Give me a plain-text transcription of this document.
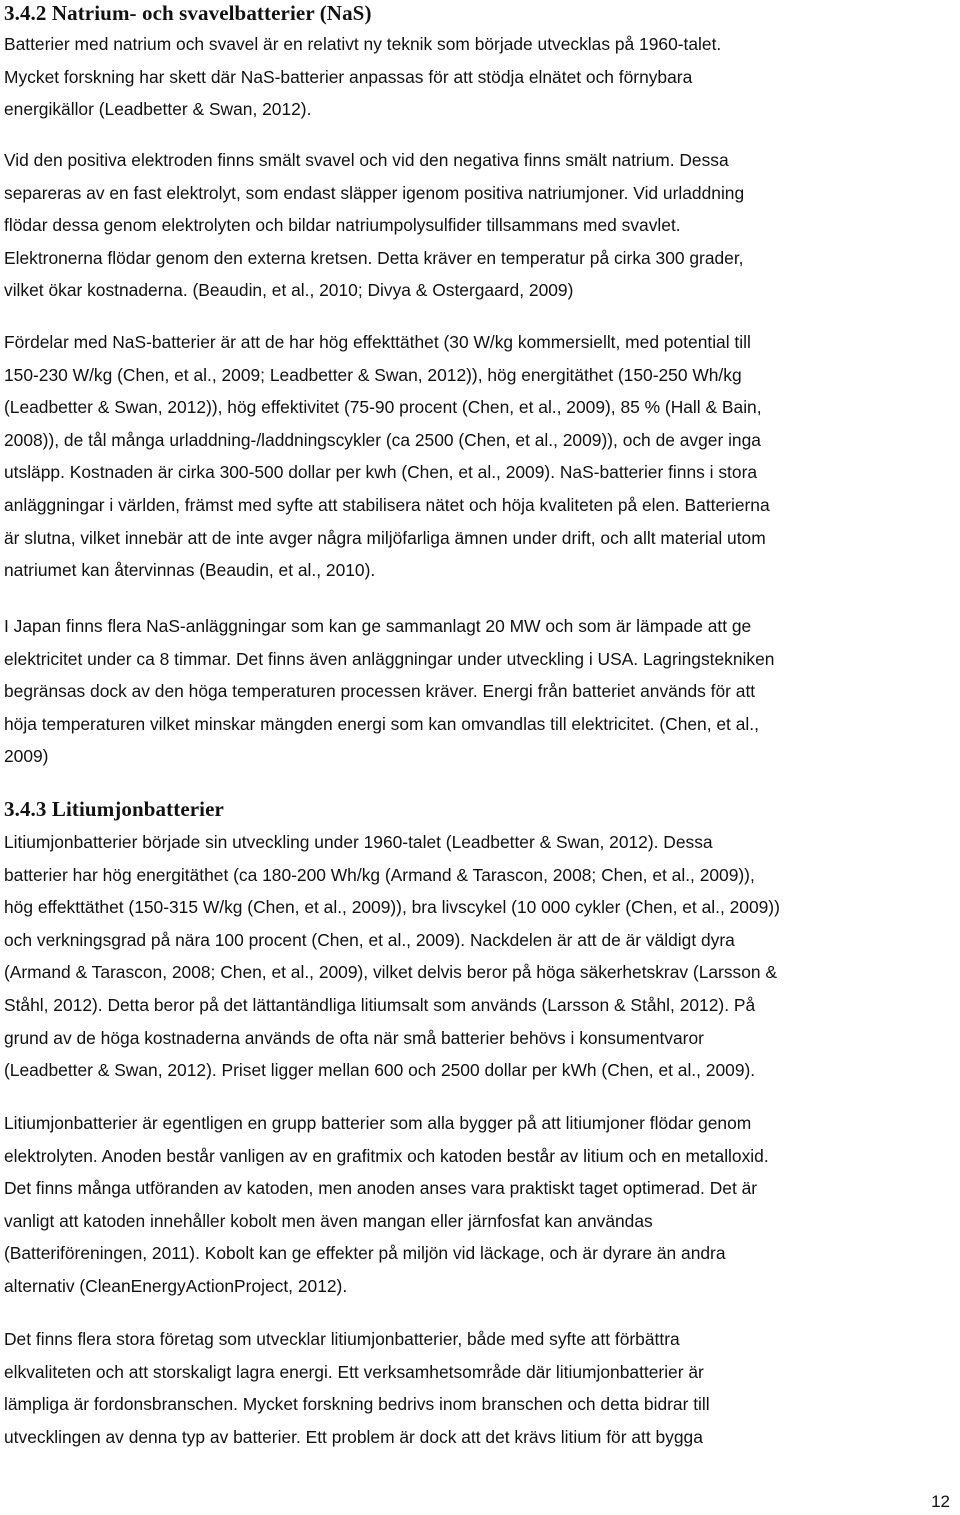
3.4.2 Natrium- och svavelbatterier (NaS)

Batterier med natrium och svavel är en relativt ny teknik som började utvecklas på 1960-talet.
Mycket forskning har skett där NaS-batterier anpassas för att stödja elnätet och förnybara
energikällor (Leadbetter & Swan, 2012).

Vid den positiva elektroden finns smält svavel och vid den negativa finns smält natrium. Dessa
separeras av en fast elektrolyt, som endast släpper igenom positiva natriumjoner. Vid urladdning
flödar dessa genom elektrolyten och bildar natriumpolysulfider tillsammans med svavlet.
Elektronerna flödar genom den externa kretsen. Detta kräver en temperatur på cirka 300 grader,
vilket ökar kostnaderna. (Beaudin, et al., 2010; Divya & Ostergaard, 2009)

Fördelar med NaS-batterier är att de har hög effekttäthet (30 W/kg kommersiellt, med potential till
150-230 W/kg (Chen, et al., 2009; Leadbetter & Swan, 2012)), hög energitäthet (150-250 Wh/kg
(Leadbetter & Swan, 2012)), hög effektivitet (75-90 procent (Chen, et al., 2009), 85 % (Hall & Bain,
2008)), de tål många urladdning-/laddningscykler (ca 2500 (Chen, et al., 2009)), och de avger inga
utsläpp. Kostnaden är cirka 300-500 dollar per kwh (Chen, et al., 2009). NaS-batterier finns i stora
anläggningar i världen, främst med syfte att stabilisera nätet och höja kvaliteten på elen. Batterierna
är slutna, vilket innebär att de inte avger några miljöfarliga ämnen under drift, och allt material utom
natriumet kan återvinnas (Beaudin, et al., 2010).

I Japan finns flera NaS-anläggningar som kan ge sammanlagt 20 MW och som är lämpade att ge
elektricitet under ca 8 timmar. Det finns även anläggningar under utveckling i USA. Lagringstekniken
begränsas dock av den höga temperaturen processen kräver. Energi från batteriet används för att
höja temperaturen vilket minskar mängden energi som kan omvandlas till elektricitet. (Chen, et al.,
2009)

3.4.3 Litiumjonbatterier

Litiumjonbatterier började sin utveckling under 1960-talet (Leadbetter & Swan, 2012). Dessa
batterier har hög energitäthet (ca 180-200 Wh/kg (Armand & Tarascon, 2008; Chen, et al., 2009)),
hög effekttäthet (150-315 W/kg (Chen, et al., 2009)), bra livscykel (10 000 cykler (Chen, et al., 2009))
och verkningsgrad på nära 100 procent (Chen, et al., 2009). Nackdelen är att de är väldigt dyra
(Armand & Tarascon, 2008; Chen, et al., 2009), vilket delvis beror på höga säkerhetskrav (Larsson &
Ståhl, 2012). Detta beror på det lättantändliga litiumsalt som används (Larsson & Ståhl, 2012). På
grund av de höga kostnaderna används de ofta när små batterier behövs i konsumentvaror
(Leadbetter & Swan, 2012). Priset ligger mellan 600 och 2500 dollar per kWh (Chen, et al., 2009).

Litiumjonbatterier är egentligen en grupp batterier som alla bygger på att litiumjoner flödar genom
elektrolyten. Anoden består vanligen av en grafitmix och katoden består av litium och en metalloxid.
Det finns många utföranden av katoden, men anoden anses vara praktiskt taget optimerad. Det är
vanligt att katoden innehåller kobolt men även mangan eller järnfosfat kan användas
(Batteriföreningen, 2011). Kobolt kan ge effekter på miljön vid läckage, och är dyrare än andra
alternativ (CleanEnergyActionProject, 2012).

Det finns flera stora företag som utvecklar litiumjonbatterier, både med syfte att förbättra
elkvaliteten och att storskaligt lagra energi. Ett verksamhetsområde där litiumjonbatterier är
lämpliga är fordonsbranschen. Mycket forskning bedrivs inom branschen och detta bidrar till
utvecklingen av denna typ av batterier. Ett problem är dock att det krävs litium för att bygga

12
